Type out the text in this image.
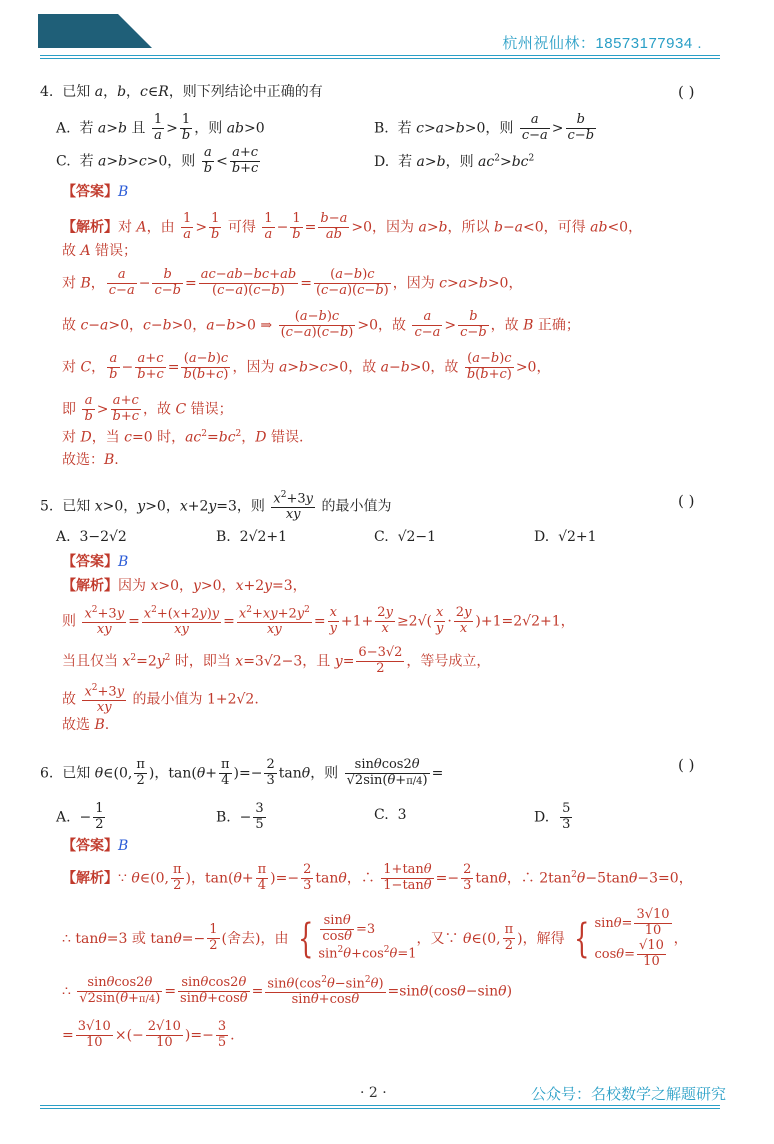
杭州祝仙林：18573177934 .
4.  已知 a，b，c∈R，则下列结论中正确的有	( )
A.  若 a>b 且 $\frac{1}{a} > \frac{1}{b}$ ，则 ab>0	B.  若 c>a>b>0，则 $\frac{a}{c-a} > \frac{b}{c-b}$
C.  若 a>b>c>0，则 $\frac{a}{b} < \frac{a+c}{b+c}$	D.  若 a>b，则 $ac^2>bc^2$
【答案】B
【解析】对 A，由 $\frac{1}{a} > \frac{1}{b}$ 可得 $\frac{1}{a} - \frac{1}{b} = \frac{b-a}{ab} >0$，因为 a>b，所以 b−a<0，可得 ab<0，
故 A 错误；
对 B， $\frac{a}{c-a} - \frac{b}{c-b} = \frac{ac-ab-bc+ab}{(c-a)(c-b)} = \frac{(a-b)c}{(c-a)(c-b)}$ ，因为 c>a>b>0，
故 c−a>0，c−b>0，a−b>0 ⇒ $\frac{(a-b)c}{(c-a)(c-b)} >0$，故 $\frac{a}{c-a} > \frac{b}{c-b}$ ，故 B 正确；
对 C， $\frac{a}{b} - \frac{a+c}{b+c} = \frac{(a-b)c}{b(b+c)}$ ，因为 a>b>c>0，故 a−b>0，故 $\frac{(a-b)c}{b(b+c)} >0$，
即 $\frac{a}{b} > \frac{a+c}{b+c}$ ，故 C 错误；
对 D，当 c=0 时，$ac^2=bc^2$，D 错误.
故选：B.
5.  已知 x>0，y>0，x+2y=3，则 $\frac{x^2+3y}{xy}$ 的最小值为	( )
A.  3−2√2	B.  2√2+1	C.  √2−1	D.  √2+1
【答案】B
【解析】因为 x>0，y>0，x+2y=3，
则 $\frac{x^2+3y}{xy} = \frac{x^2+(x+2y)y}{xy} = \frac{x^2+xy+2y^2}{xy} = \frac{x}{y} +1+ \frac{2y}{x} \ge 2√( \frac{x}{y} \cdot \frac{2y}{x} )+1=2√2+1$，
当且仅当 $x^2=2y^2$ 时，即当 x=3√2−3，且 $y= \frac{6-3√2}{2}$ ，等号成立，
故 $\frac{x^2+3y}{xy}$ 的最小值为 1+2√2.
故选 B.
6.  已知 θ∈(0, $\frac{\pi}{2}$ )，$\tan(\theta+ \frac{\pi}{4}$ )=− $\frac{2}{3}$ tanθ，则 $\frac{\sin\theta\cos 2\theta}{√2\sin(\theta+\pi/4)}$ =	( )
A.  − $\frac{1}{2}$	B.  − $\frac{3}{5}$	C.  3	D. $\frac{5}{3}$
【答案】B
【解析】∵ θ∈(0, $\frac{\pi}{2}$ )，$\tan(\theta+ \frac{\pi}{4}$ )=− $\frac{2}{3}$ tanθ，∴ $\frac{1+\tan\theta}{1-\tan\theta} =- \frac{2}{3}$ tanθ，∴ $2\tan^2\theta-5\tan\theta-3=0$，
∴ tanθ=3 或 $\tan\theta=- \frac{1}{2}$ (舍去)，由 { $\frac{\sin\theta}{\cos\theta} =3$
$\sin^2\theta+\cos^2\theta=1$，又∵ θ∈(0, $\frac{\pi}{2}$ )，解得 { $\sin\theta= \frac{3√10}{10}$

$\cos\theta= \frac{√10}{10}$ ，
∴ $\frac{\sin\theta\cos 2\theta}{√2\sin(\theta+\pi/4)} = \frac{\sin\theta\cos 2\theta}{\sin\theta+\cos\theta} = \frac{\sin\theta(\cos^2\theta-\sin^2\theta)}{\sin\theta+\cos\theta} =\sin\theta(\cos\theta-\sin\theta)$
= $\frac{3√10}{10}$ ×(− $\frac{2√10}{10}$ )=− $\frac{3}{5}$ .
· 2 ·	公众号：名校数学之解题研究
